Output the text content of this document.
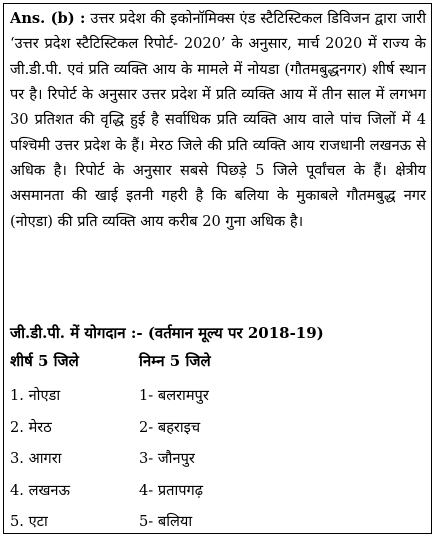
Ans. (b) : उत्तर प्रदेश की इकोनॉमिक्स एंड स्टैटिस्टिकल डिविजन द्वारा जारी ‘उत्तर प्रदेश स्टैटिस्टिकल रिपोर्ट- 2020’ के अनुसार, मार्च 2020 में राज्य के जी.डी.पी. एवं प्रति व्यक्ति आय के मामले में नोयडा (गौतमबुद्धनगर) शीर्ष स्थान पर है। रिपोर्ट के अनुसार उत्तर प्रदेश में प्रति व्यक्ति आय में तीन साल में लगभग 30 प्रतिशत की वृद्धि हुई है सर्वाधिक प्रति व्यक्ति आय वाले पांच जिलों में 4 पश्चिमी उत्तर प्रदेश के हैं। मेरठ जिले की प्रति व्यक्ति आय राजधानी लखनऊ से अधिक है। रिपोर्ट के अनुसार सबसे पिछड़े 5 जिले पूर्वांचल के हैं। क्षेत्रीय असमानता की खाई इतनी गहरी है कि बलिया के मुकाबले गौतमबुद्ध नगर (नोएडा) की प्रति व्यक्ति आय करीब 20 गुना अधिक है।
जी.डी.पी. में योगदान :- (वर्तमान मूल्य पर 2018-19)
शीर्ष 5 जिले	निम्न 5 जिले
1. नोएडा	1- बलरामपुर
2. मेरठ	2- बहराइच
3. आगरा	3- जौनपुर
4. लखनऊ	4- प्रतापगढ़
5. एटा	5- बलिया
